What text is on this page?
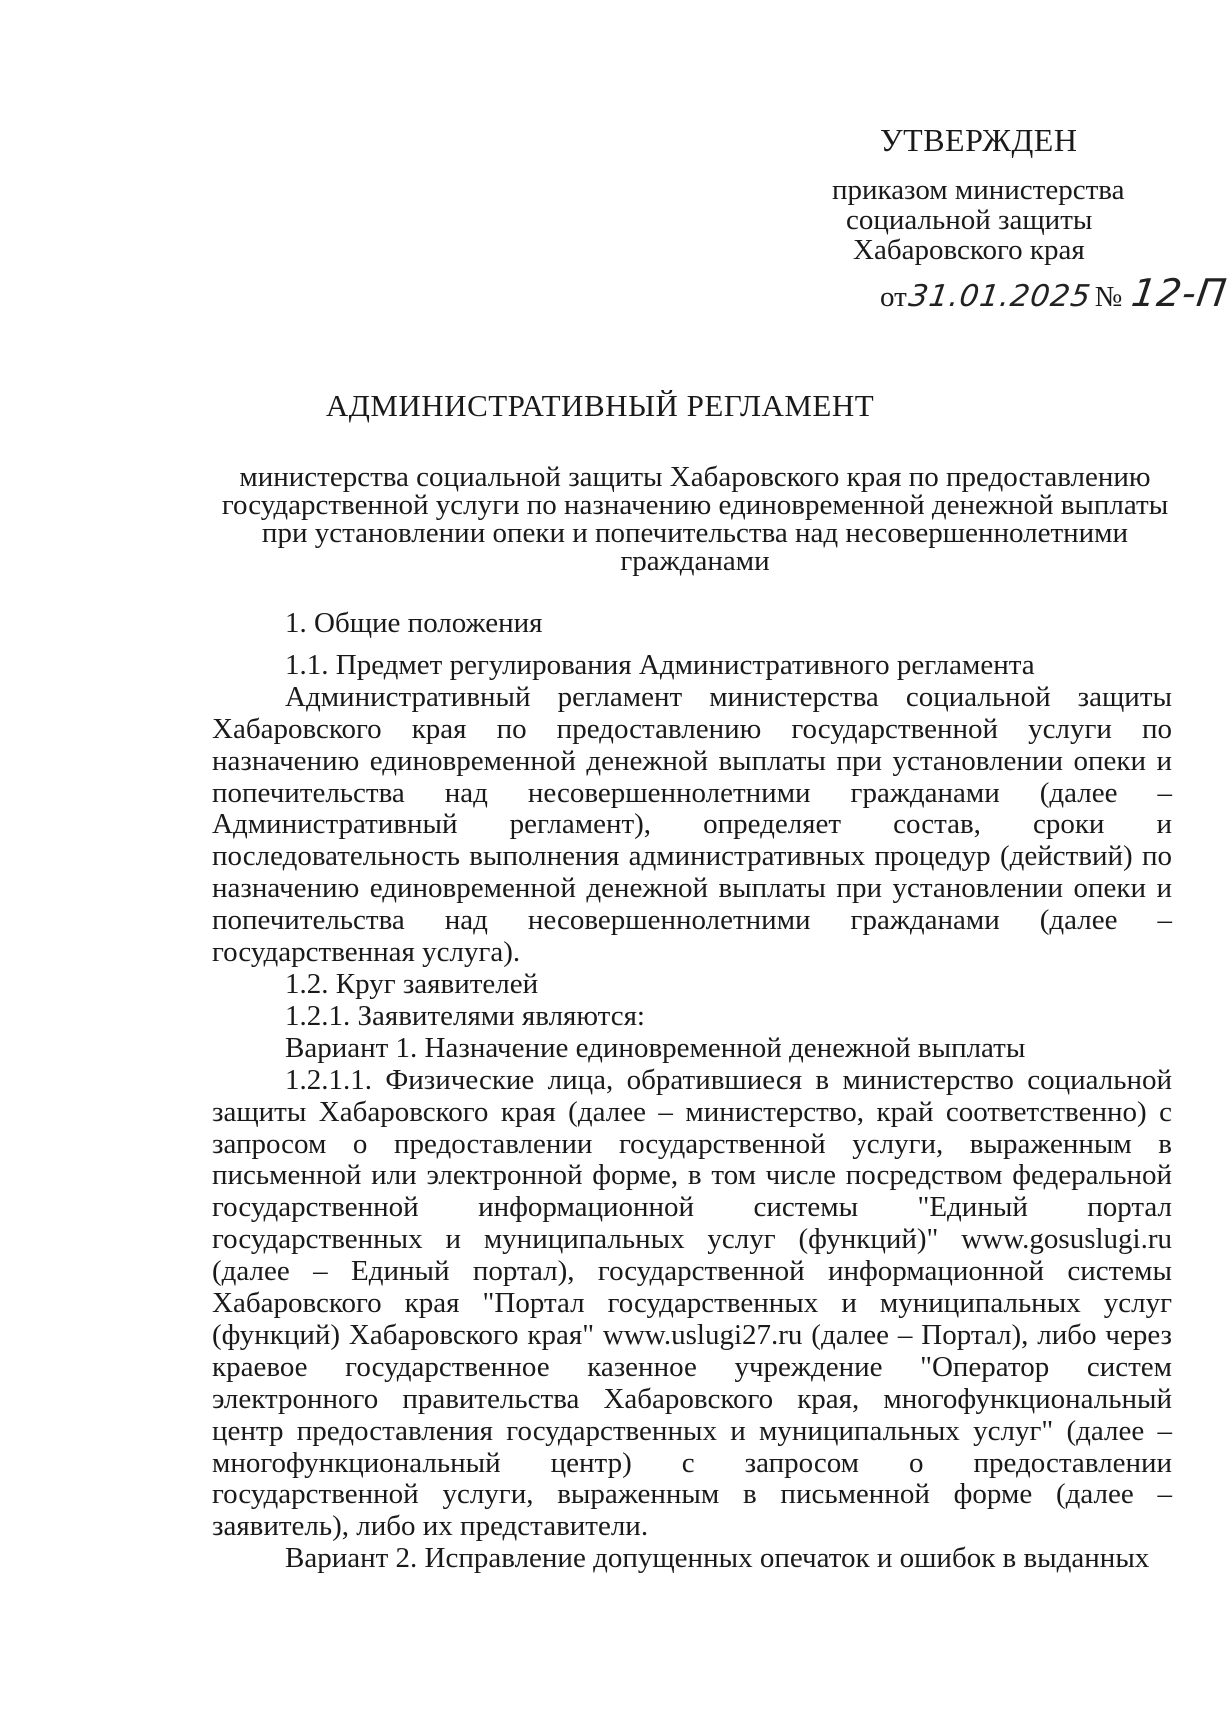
УТВЕРЖДЕН

приказом министерства

социальной защиты

Хабаровского края

от 31.01.2025 № 12-П
АДМИНИСТРАТИВНЫЙ РЕГЛАМЕНТ

министерства социальной защиты Хабаровского края по предоставлению государственной услуги по назначению единовременной денежной выплаты при установлении опеки и попечительства над несовершеннолетними гражданами

1. Общие положения

1.1. Предмет регулирования Административного регламента

Административный регламент министерства социальной защиты Хабаровского края по предоставлению государственной услуги по назначению единовременной денежной выплаты при установлении опеки и попечительства над несовершеннолетними гражданами (далее – Административный регламент), определяет состав, сроки и последовательность выполнения административных процедур (действий) по назначению единовременной денежной выплаты при установлении опеки и попечительства над несовершеннолетними гражданами (далее – государственная услуга).

1.2. Круг заявителей

1.2.1. Заявителями являются:

Вариант 1. Назначение единовременной денежной выплаты

1.2.1.1. Физические лица, обратившиеся в министерство социальной защиты Хабаровского края (далее – министерство, край соответственно) с запросом о предоставлении государственной услуги, выраженным в письменной или электронной форме, в том числе посредством федеральной государственной информационной системы "Единый портал государственных и муниципальных услуг (функций)" www.gosuslugi.ru (далее – Единый портал), государственной информационной системы Хабаровского края "Портал государственных и муниципальных услуг (функций) Хабаровского края" www.uslugi27.ru (далее – Портал), либо через краевое государственное казенное учреждение "Оператор систем электронного правительства Хабаровского края, многофункциональный центр предоставления государственных и муниципальных услуг" (далее – многофункциональный центр) с запросом о предоставлении государственной услуги, выраженным в письменной форме (далее – заявитель), либо их представители.

Вариант 2. Исправление допущенных опечаток и ошибок в выданных
